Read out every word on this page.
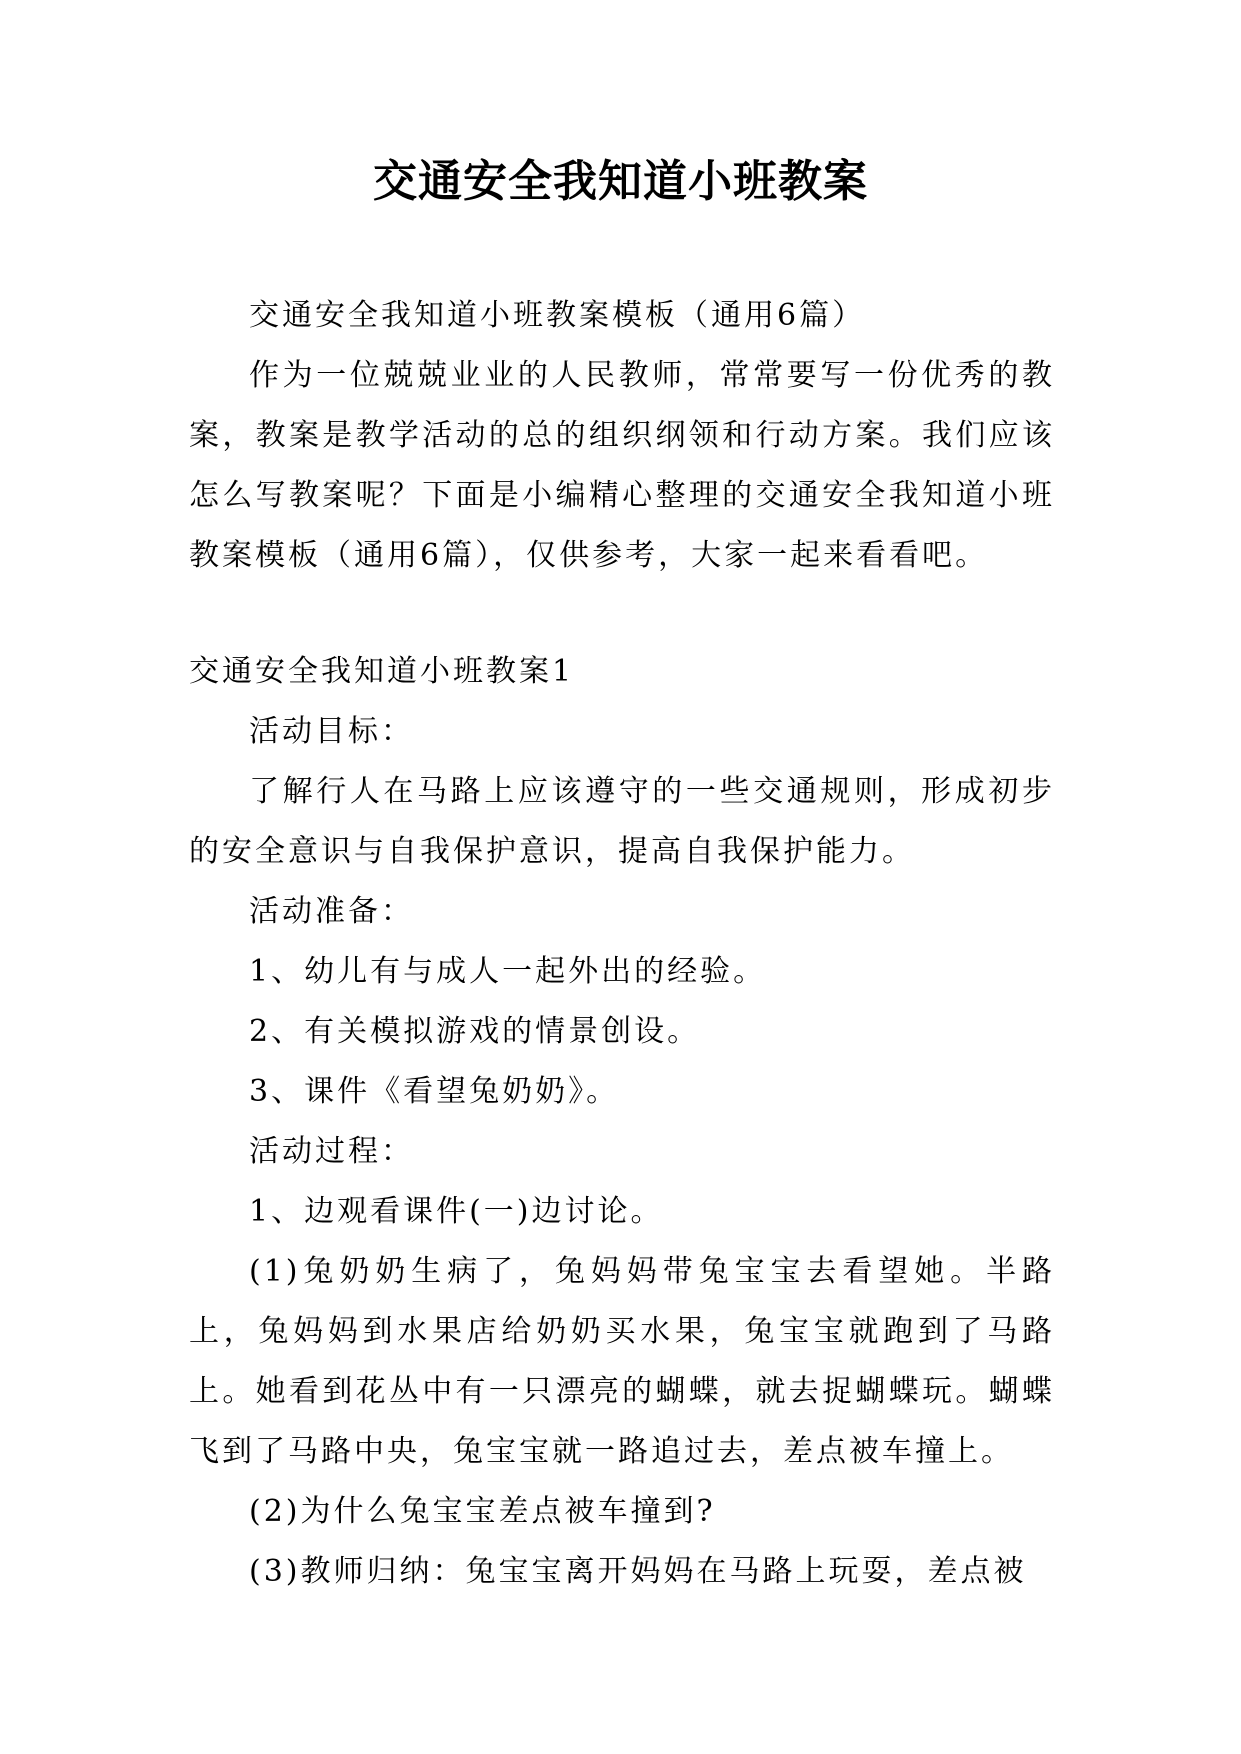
交通安全我知道小班教案

交通安全我知道小班教案模板（通用6篇）

作为一位兢兢业业的人民教师，常常要写一份优秀的教案，教案是教学活动的总的组织纲领和行动方案。我们应该怎么写教案呢？下面是小编精心整理的交通安全我知道小班教案模板（通用6篇），仅供参考，大家一起来看看吧。

交通安全我知道小班教案1

活动目标：

了解行人在马路上应该遵守的一些交通规则，形成初步的安全意识与自我保护意识，提高自我保护能力。

活动准备：

1、幼儿有与成人一起外出的经验。

2、有关模拟游戏的情景创设。

3、课件《看望兔奶奶》。

活动过程：

1、边观看课件(一)边讨论。

(1)兔奶奶生病了，兔妈妈带兔宝宝去看望她。半路上，兔妈妈到水果店给奶奶买水果，兔宝宝就跑到了马路上。她看到花丛中有一只漂亮的蝴蝶，就去捉蝴蝶玩。蝴蝶飞到了马路中央，兔宝宝就一路追过去，差点被车撞上。

(2)为什么兔宝宝差点被车撞到?

(3)教师归纳：兔宝宝离开妈妈在马路上玩耍，差点被
